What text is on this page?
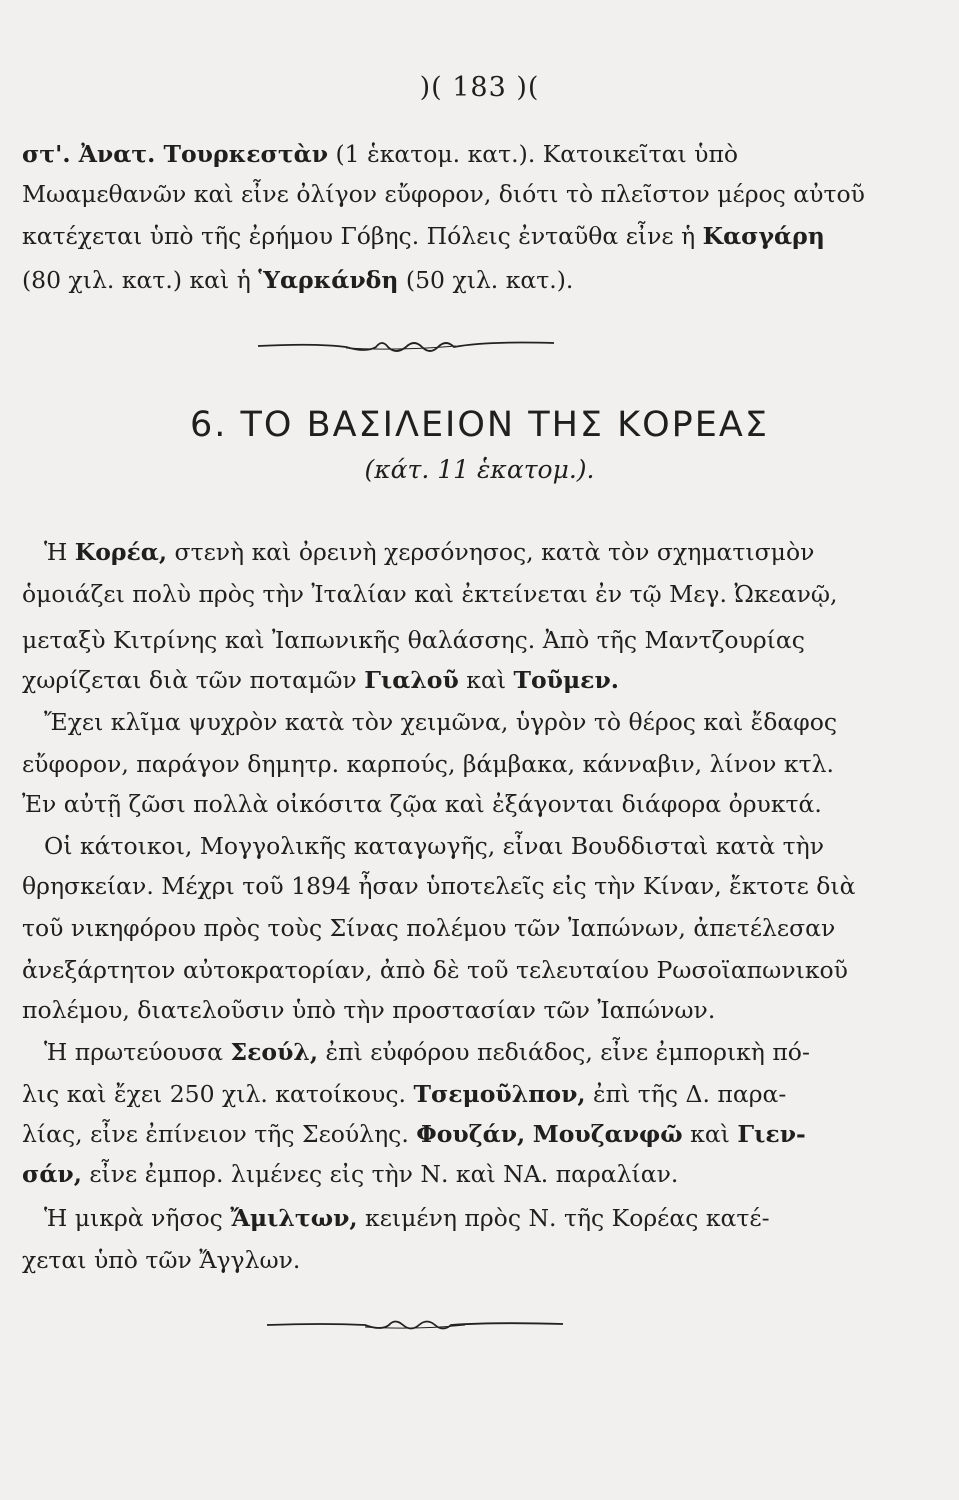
)( 183 )(
στ'. Ἀνατ. Τουρκεστὰν (1 ἑκατομ. κατ.). Κατοικεῖται ὑπὸ
Μωαμεθανῶν καὶ εἶνε ὀλίγον εὔφορον, διότι τὸ πλεῖστον μέρος αὐτοῦ
κατέχεται ὑπὸ τῆς ἐρήμου Γόβης. Πόλεις ἐνταῦθα εἶνε ἡ Κασγάρη
(80 χιλ. κατ.) καὶ ἡ Ὑαρκάνδη (50 χιλ. κατ.).
6. ΤΟ ΒΑΣΙΛΕΙΟΝ ΤΗΣ ΚΟΡΕΑΣ
(κάτ. 11 ἑκατομ.).
Ἡ Κορέα, στενὴ καὶ ὀρεινὴ χερσόνησος, κατὰ τὸν σχηματισμὸν
ὁμοιάζει πολὺ πρὸς τὴν Ἰταλίαν καὶ ἐκτείνεται ἐν τῷ Μεγ. Ὠκεανῷ,
μεταξὺ Κιτρίνης καὶ Ἰαπωνικῆς θαλάσσης. Ἀπὸ τῆς Μαντζουρίας
χωρίζεται διὰ τῶν ποταμῶν Γιαλοῦ καὶ Τοῦμεν.
Ἔχει κλῖμα ψυχρὸν κατὰ τὸν χειμῶνα, ὑγρὸν τὸ θέρος καὶ ἔδαφος
εὔφορον, παράγον δημητρ. καρπούς, βάμβακα, κάνναβιν, λίνον κτλ.
Ἐν αὐτῇ ζῶσι πολλὰ οἰκόσιτα ζῷα καὶ ἐξάγονται διάφορα ὀρυκτά.
Οἱ κάτοικοι, Μογγολικῆς καταγωγῆς, εἶναι Βουδδισταὶ κατὰ τὴν
θρησκείαν. Μέχρι τοῦ 1894 ἦσαν ὑποτελεῖς εἰς τὴν Κίναν, ἔκτοτε διὰ
τοῦ νικηφόρου πρὸς τοὺς Σίνας πολέμου τῶν Ἰαπώνων, ἀπετέλεσαν
ἀνεξάρτητον αὐτοκρατορίαν, ἀπὸ δὲ τοῦ τελευταίου Ρωσοϊαπωνικοῦ
πολέμου, διατελοῦσιν ὑπὸ τὴν προστασίαν τῶν Ἰαπώνων.
Ἡ πρωτεύουσα Σεούλ, ἐπὶ εὐφόρου πεδιάδος, εἶνε ἐμπορικὴ πό-
λις καὶ ἔχει 250 χιλ. κατοίκους. Τσεμοῦλπον, ἐπὶ τῆς Δ. παρα-
λίας, εἶνε ἐπίνειον τῆς Σεούλης. Φουζάν, Μουζανφῶ καὶ Γιεν-
σάν, εἶνε ἐμπορ. λιμένες εἰς τὴν Ν. καὶ ΝΑ. παραλίαν.
Ἡ μικρὰ νῆσος Ἄμιλτων, κειμένη πρὸς Ν. τῆς Κορέας κατέ-
χεται ὑπὸ τῶν Ἄγγλων.
